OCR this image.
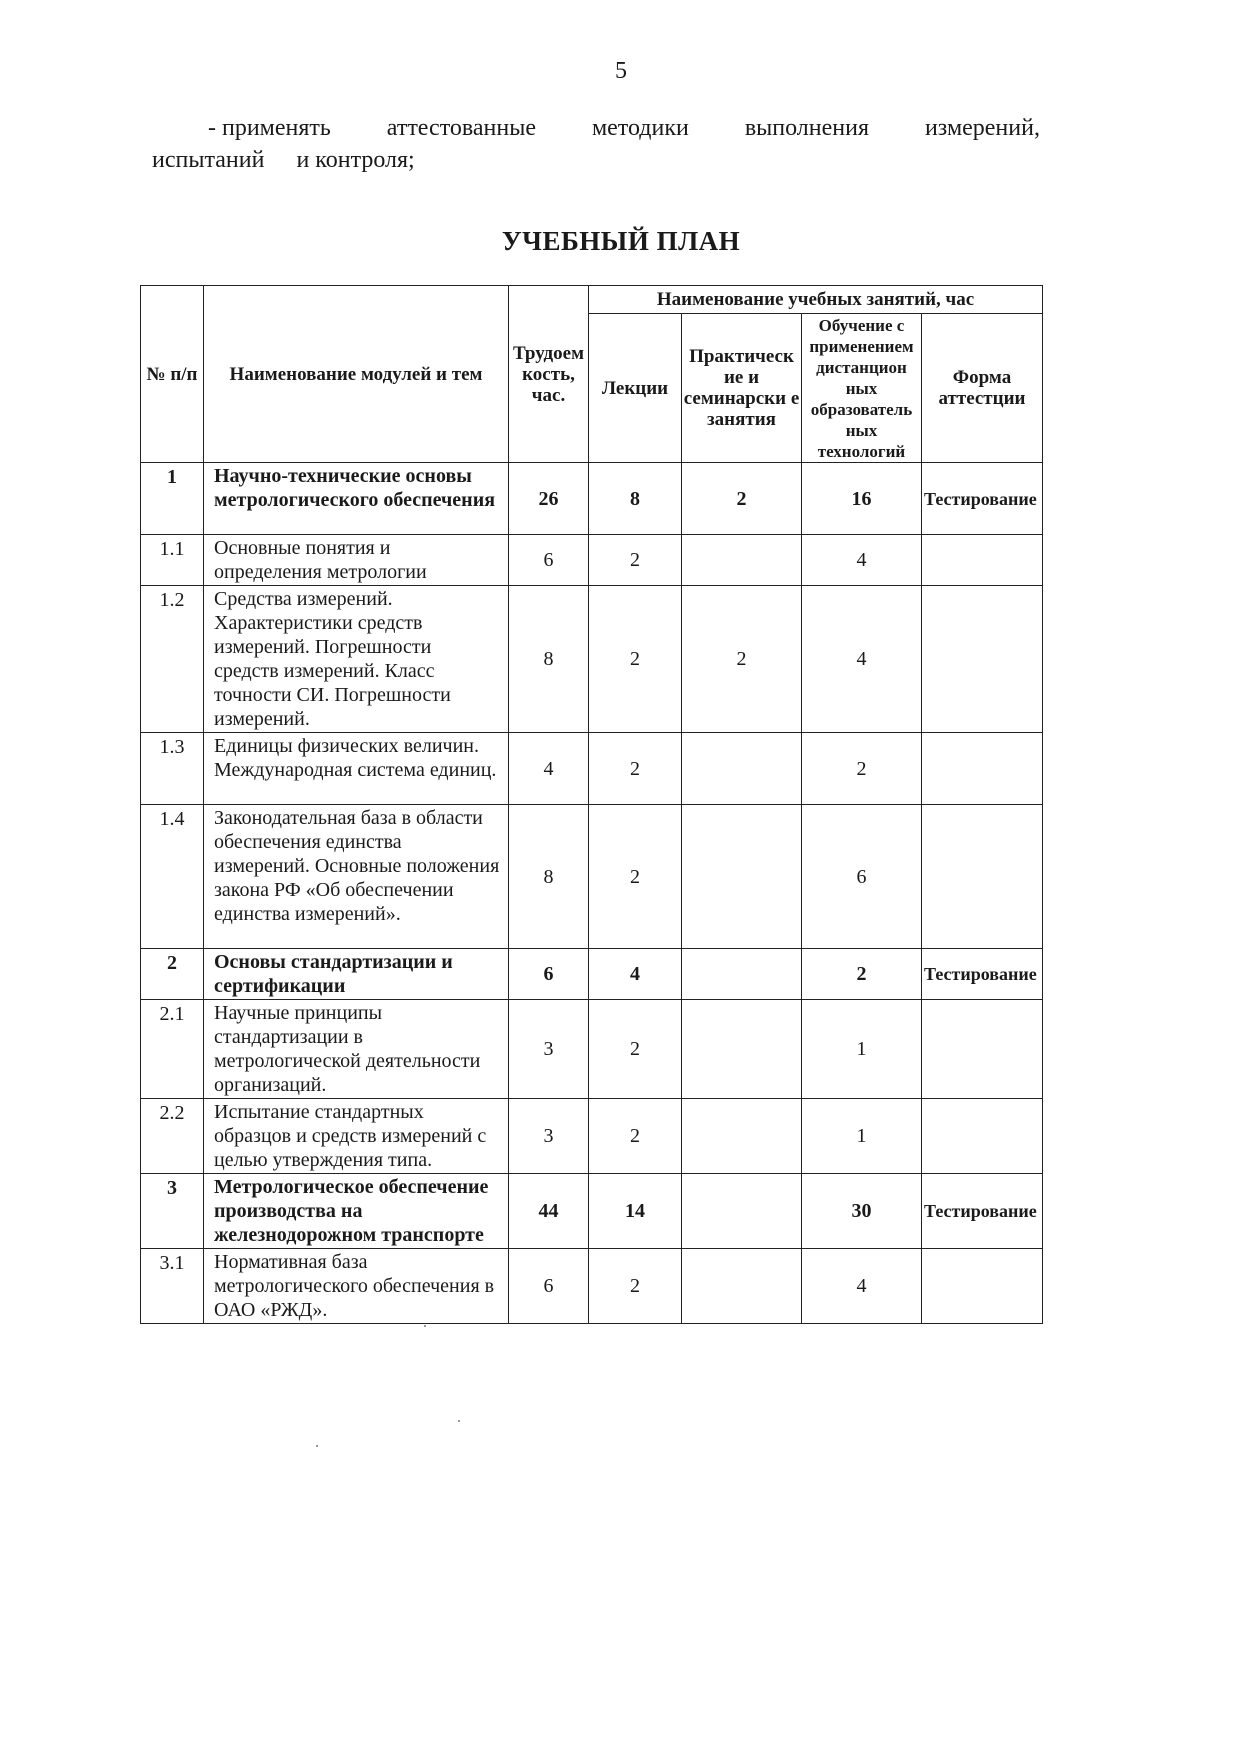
5
- применять аттестованные методики выполнения измерений,
испытаний и контроля;
УЧЕБНЫЙ ПЛАН
№ п/п	Наименование модулей и тем	Трудоем кость, час.	Наименование учебных занятий, час			
			Лекции	Практическ ие и семинарски е занятия	Обучение с применением дистанцион ных образователь ных технологий	Форма аттестции
1	Научно-технические основы метрологического обеспечения	26	8	2	16	Тестирование
1.1	Основные понятия и определения метрологии	6	2		4	
1.2	Средства измерений. Характеристики средств измерений. Погрешности средств измерений. Класс точности СИ. Погрешности измерений.	8	2	2	4	
1.3	Единицы физических величин. Международная система единиц.	4	2		2	
1.4	Законодательная база в области обеспечения единства измерений. Основные положения закона РФ «Об обеспечении единства измерений».	8	2		6	
2	Основы стандартизации и сертификации	6	4		2	Тестирование
2.1	Научные принципы стандартизации в метрологической деятельности организаций.	3	2		1	
2.2	Испытание стандартных образцов и средств измерений с целью утверждения типа.	3	2		1	
3	Метрологическое обеспечение производства на железнодорожном транспорте	44	14		30	Тестирование
3.1	Нормативная база метрологического обеспечения в ОАО «РЖД».	6	2		4	
